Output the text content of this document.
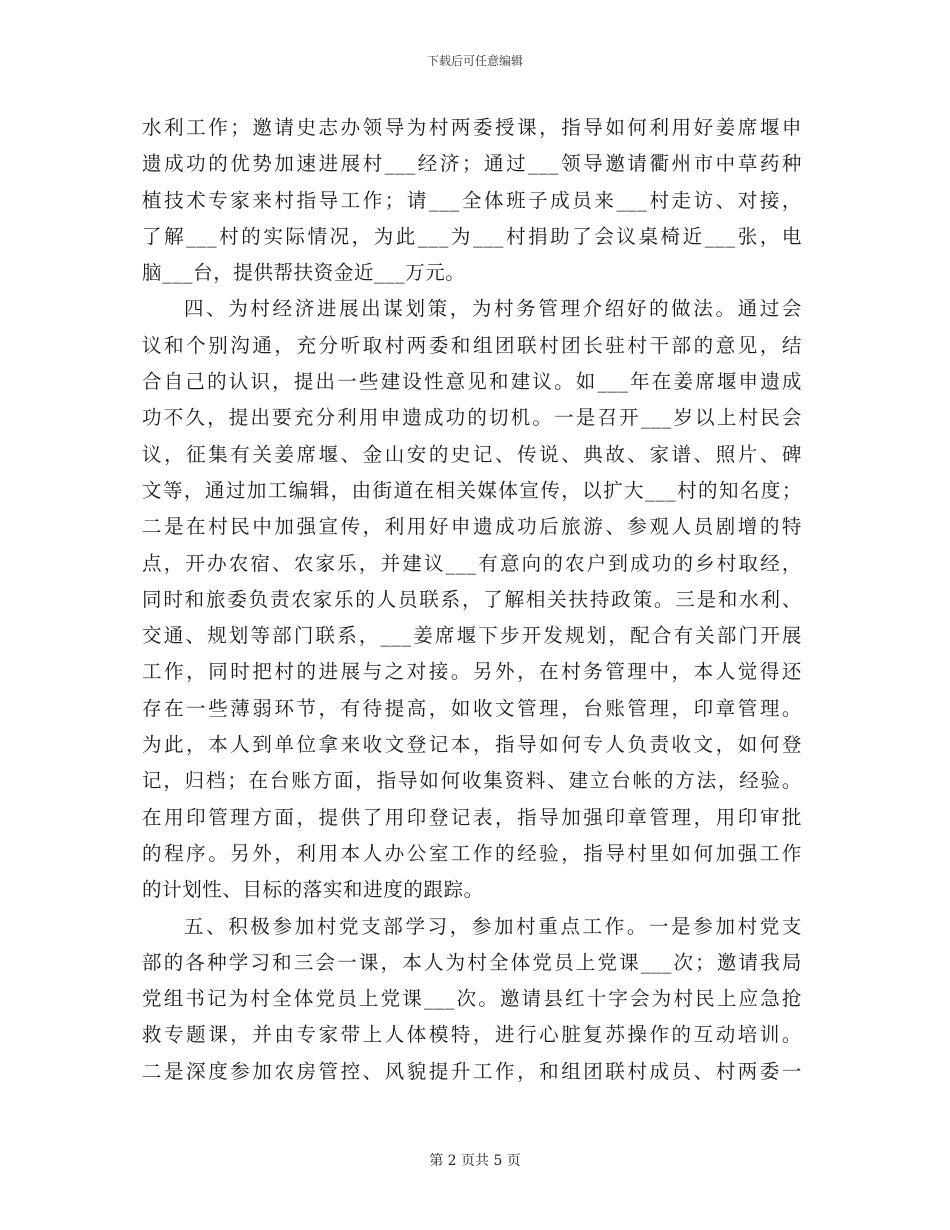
下载后可任意编辑
水利工作；邀请史志办领导为村两委授课，指导如何利用好姜席堰申
遗成功的优势加速进展村___经济；通过___领导邀请衢州市中草药种
植技术专家来村指导工作；请___全体班子成员来___村走访、对接，
了解___村的实际情况，为此___为___村捐助了会议桌椅近___张，电
脑___台，提供帮扶资金近___万元。
四、为村经济进展出谋划策，为村务管理介绍好的做法。通过会
议和个别沟通，充分听取村两委和组团联村团长驻村干部的意见，结
合自己的认识，提出一些建设性意见和建议。如___年在姜席堰申遗成
功不久，提出要充分利用申遗成功的切机。一是召开___岁以上村民会
议，征集有关姜席堰、金山安的史记、传说、典故、家谱、照片、碑
文等，通过加工编辑，由街道在相关媒体宣传，以扩大___村的知名度；
二是在村民中加强宣传，利用好申遗成功后旅游、参观人员剧增的特
点，开办农宿、农家乐，并建议___有意向的农户到成功的乡村取经，
同时和旅委负责农家乐的人员联系，了解相关扶持政策。三是和水利、
交通、规划等部门联系，___姜席堰下步开发规划，配合有关部门开展
工作，同时把村的进展与之对接。另外，在村务管理中，本人觉得还
存在一些薄弱环节，有待提高，如收文管理，台账管理，印章管理。
为此，本人到单位拿来收文登记本，指导如何专人负责收文，如何登
记，归档；在台账方面，指导如何收集资料、建立台帐的方法，经验。
在用印管理方面，提供了用印登记表，指导加强印章管理，用印审批
的程序。另外，利用本人办公室工作的经验，指导村里如何加强工作
的计划性、目标的落实和进度的跟踪。
五、积极参加村党支部学习，参加村重点工作。一是参加村党支
部的各种学习和三会一课，本人为村全体党员上党课___次；邀请我局
党组书记为村全体党员上党课___次。邀请县红十字会为村民上应急抢
救专题课，并由专家带上人体模特，进行心脏复苏操作的互动培训。
二是深度参加农房管控、风貌提升工作，和组团联村成员、村两委一
第 2 页共 5 页
